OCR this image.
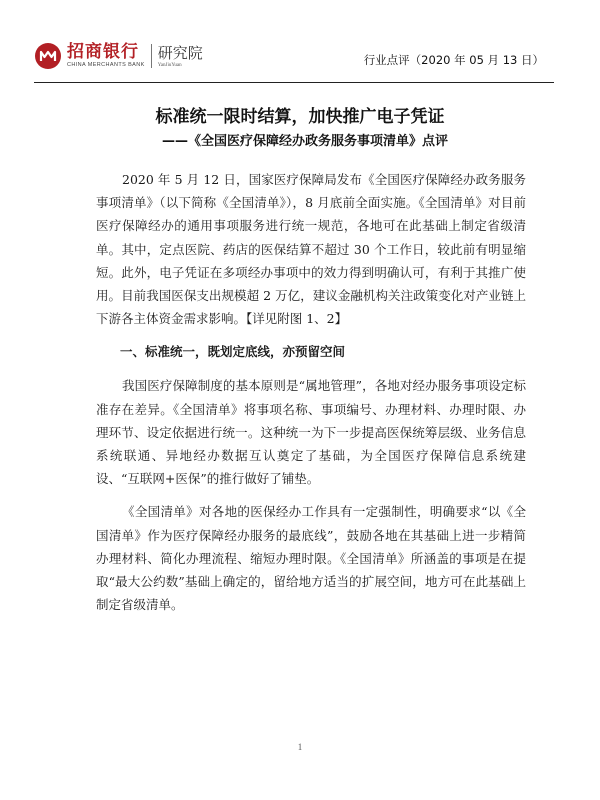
招商银行
CHINA MERCHANTS BANK
研究院
YanJiuYuan	行业点评（2020 年 05 月 13 日）
标准统一限时结算，加快推广电子凭证
——《全国医疗保障经办政务服务事项清单》点评

2020 年 5 月 12 日，国家医疗保障局发布《全国医疗保障经办政务服务事项清单》（以下简称《全国清单》），8 月底前全面实施。《全国清单》对目前医疗保障经办的通用事项服务进行统一规范，各地可在此基础上制定省级清单。其中，定点医院、药店的医保结算不超过 30 个工作日，较此前有明显缩短。此外，电子凭证在多项经办事项中的效力得到明确认可，有利于其推广使用。目前我国医保支出规模超 2 万亿，建议金融机构关注政策变化对产业链上下游各主体资金需求影响。【详见附图 1、2】

一、标准统一，既划定底线，亦预留空间

我国医疗保障制度的基本原则是“属地管理”，各地对经办服务事项设定标准存在差异。《全国清单》将事项名称、事项编号、办理材料、办理时限、办理环节、设定依据进行统一。这种统一为下一步提高医保统筹层级、业务信息系统联通、异地经办数据互认奠定了基础，为全国医疗保障信息系统建设、“互联网+医保”的推行做好了铺垫。

《全国清单》对各地的医保经办工作具有一定强制性，明确要求“以《全国清单》作为医疗保障经办服务的最底线”，鼓励各地在其基础上进一步精简办理材料、简化办理流程、缩短办理时限。《全国清单》所涵盖的事项是在提取“最大公约数”基础上确定的，留给地方适当的扩展空间，地方可在此基础上制定省级清单。

1
